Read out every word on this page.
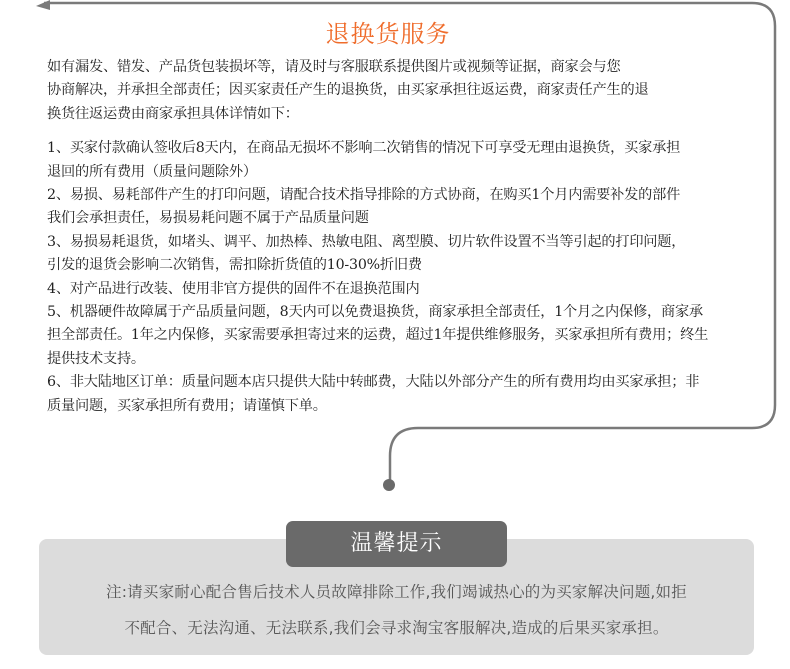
退换货服务

如有漏发、错发、产品货包装损坏等，请及时与客服联系提供图片或视频等证据，商家会与您

协商解决，并承担全部责任；因买家责任产生的退换货，由买家承担往返运费，商家责任产生的退

换货往返运费由商家承担具体详情如下：

1、买家付款确认签收后8天内，在商品无损坏不影响二次销售的情况下可享受无理由退换货，买家承担

退回的所有费用（质量问题除外）

2、易损、易耗部件产生的打印问题，请配合技术指导排除的方式协商，在购买1个月内需要补发的部件

我们会承担责任，易损易耗问题不属于产品质量问题

3、易损易耗退货，如堵头、调平、加热棒、热敏电阻、离型膜、切片软件设置不当等引起的打印问题，

引发的退货会影响二次销售，需扣除折货值的10-30%折旧费

4、对产品进行改装、使用非官方提供的固件不在退换范围内

5、机器硬件故障属于产品质量问题，8天内可以免费退换货，商家承担全部责任，1个月之内保修，商家承

担全部责任。1年之内保修，买家需要承担寄过来的运费，超过1年提供维修服务，买家承担所有费用；终生

提供技术支持。

6、非大陆地区订单：质量问题本店只提供大陆中转邮费，大陆以外部分产生的所有费用均由买家承担；非

质量问题，买家承担所有费用；请谨慎下单。

温馨提示

注:请买家耐心配合售后技术人员故障排除工作,我们竭诚热心的为买家解决问题,如拒

不配合、无法沟通、无法联系,我们会寻求淘宝客服解决,造成的后果买家承担。
